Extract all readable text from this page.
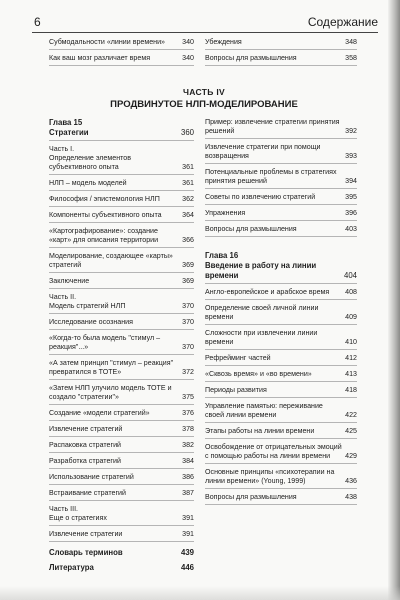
6	Содержание
Субмодальности «линии времени»	340
Как ваш мозг различает время	340
Убеждения	348
Вопросы для размышления	358
ЧАСТЬ IV
ПРОДВИНУТОЕ НЛП-МОДЕЛИРОВАНИЕ
Глава 15
Стратегии	360
Часть I.
Определение элементов субъективного опыта	361
НЛП – модель моделей	361
Философия / эпистемология НЛП	362
Компоненты субъективного опыта	364
«Картографирование»: создание «карт» для описания территории	366
Моделирование, создающее «карты» стратегий	369
Заключение	369
Часть II.
Модель стратегий НЛП	370
Исследование осознания	370
«Когда-то была модель "стимул – реакция"...»	370
«А затем принцип "стимул – реакция" превратился в ТОТЕ»	372
«Затем НЛП улучило модель ТОТЕ и создало "стратегии"»	375
Создание «модели стратегий»	376
Извлечение стратегий	378
Распаковка стратегий	382
Разработка стратегий	384
Использование стратегий	386
Встраивание стратегий	387
Часть III.
Еще о стратегиях	391
Извлечение стратегии	391
Словарь терминов	439
Литература	446
Пример: извлечение стратегии принятия решений	392
Извлечение стратегии при помощи возвращения	393
Потенциальные проблемы в стратегиях принятия решений	394
Советы по извлечению стратегий	395
Упражнения	396
Вопросы для размышления	403
Глава 16
Введение в работу на линии времени	404
Англо-европейское и арабское время	408
Определение своей личной линии времени	409
Сложности при извлечении линии времени	410
Рефрейминг частей	412
«Сквозь время» и «во времени»	413
Периоды развития	418
Управление памятью: переживание своей линии времени	422
Этапы работы на линии времени	425
Освобождение от отрицательных эмоций с помощью работы на линии времени	429
Основные принципы «психотерапии на линии времени» (Young, 1999)	436
Вопросы для размышления	438
